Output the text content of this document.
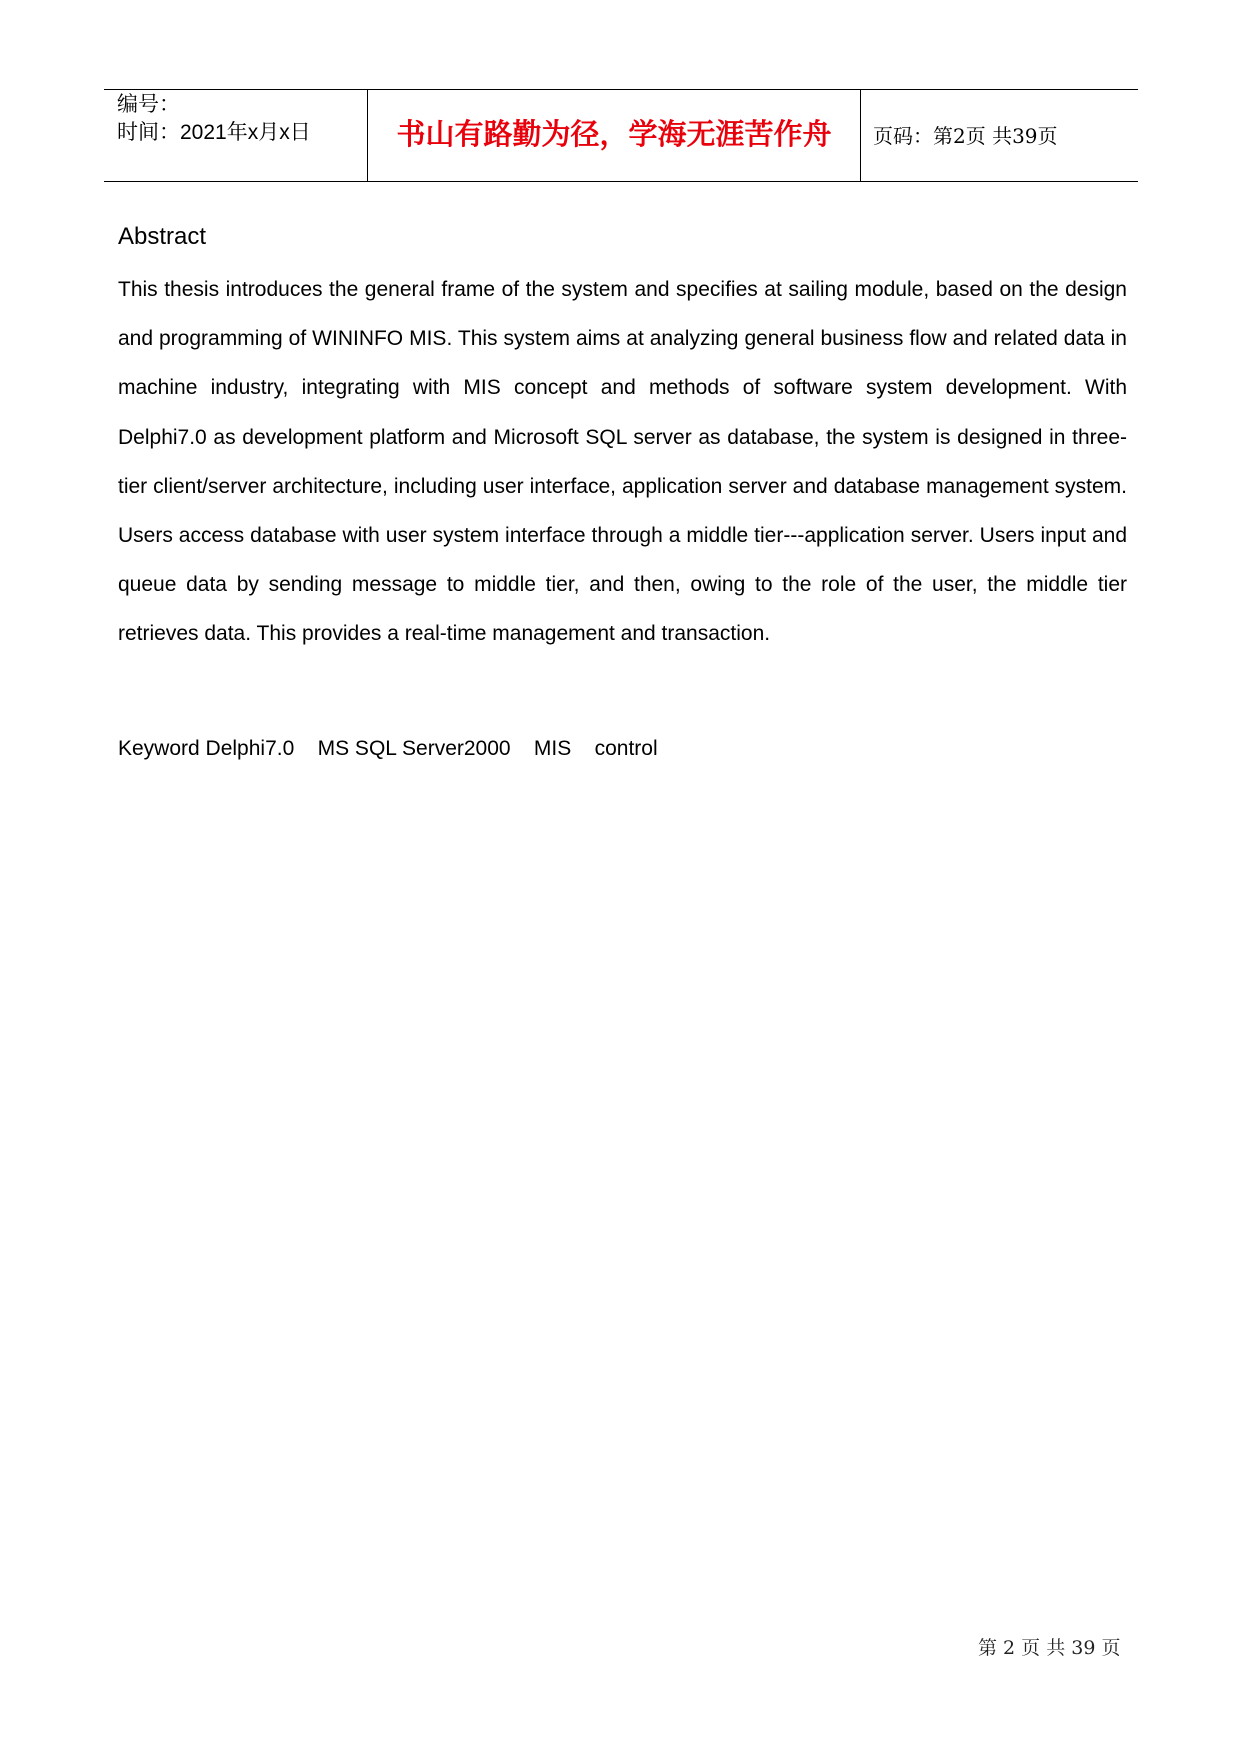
编号：
时间：2021年x月x日	书山有路勤为径，学海无涯苦作舟	页码：第2页 共39页
Abstract

This thesis introduces the general frame of the system and specifies at sailing module, based on the design and programming of WININFO MIS. This system aims at analyzing general business flow and related data in machine industry, integrating with MIS concept and methods of software system development. With Delphi7.0 as development platform and Microsoft SQL server as database, the system is designed in three-tier client/server architecture, including user interface, application server and database management system. Users access database with user system interface through a middle tier---application server. Users input and queue data by sending message to middle tier, and then, owing to the role of the user, the middle tier retrieves data. This provides a real-time management and transaction.

Keyword Delphi7.0    MS SQL Server2000    MIS    control
第 2 页 共 39 页
